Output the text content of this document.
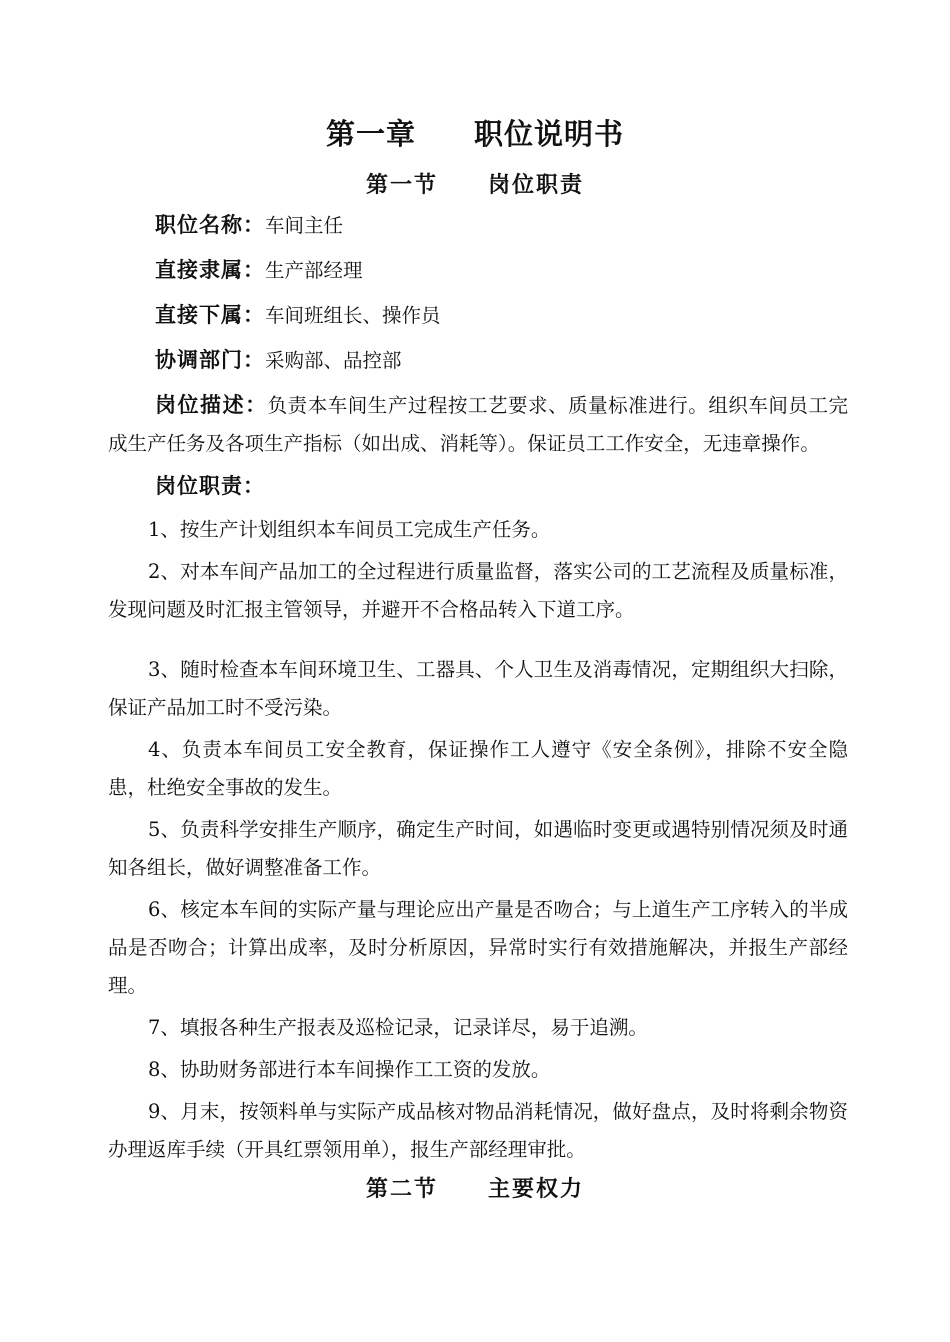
第一章 职位说明书
第一节 岗位职责

职位名称：车间主任

直接隶属：生产部经理

直接下属：车间班组长、操作员

协调部门：采购部、品控部

岗位描述：负责本车间生产过程按工艺要求、质量标准进行。组织车间员工完成生产任务及各项生产指标（如出成、消耗等）。保证员工工作安全，无违章操作。

岗位职责：

1、按生产计划组织本车间员工完成生产任务。

2、对本车间产品加工的全过程进行质量监督，落实公司的工艺流程及质量标准，发现问题及时汇报主管领导，并避开不合格品转入下道工序。

3、随时检查本车间环境卫生、工器具、个人卫生及消毒情况，定期组织大扫除，保证产品加工时不受污染。

4、负责本车间员工安全教育，保证操作工人遵守《安全条例》，排除不安全隐患，杜绝安全事故的发生。

5、负责科学安排生产顺序，确定生产时间，如遇临时变更或遇特别情况须及时通知各组长，做好调整准备工作。

6、核定本车间的实际产量与理论应出产量是否吻合；与上道生产工序转入的半成品是否吻合；计算出成率，及时分析原因，异常时实行有效措施解决，并报生产部经理。

7、填报各种生产报表及巡检记录，记录详尽，易于追溯。

8、协助财务部进行本车间操作工工资的发放。

9、月末，按领料单与实际产成品核对物品消耗情况，做好盘点，及时将剩余物资办理返库手续（开具红票领用单），报生产部经理审批。

第二节 主要权力
